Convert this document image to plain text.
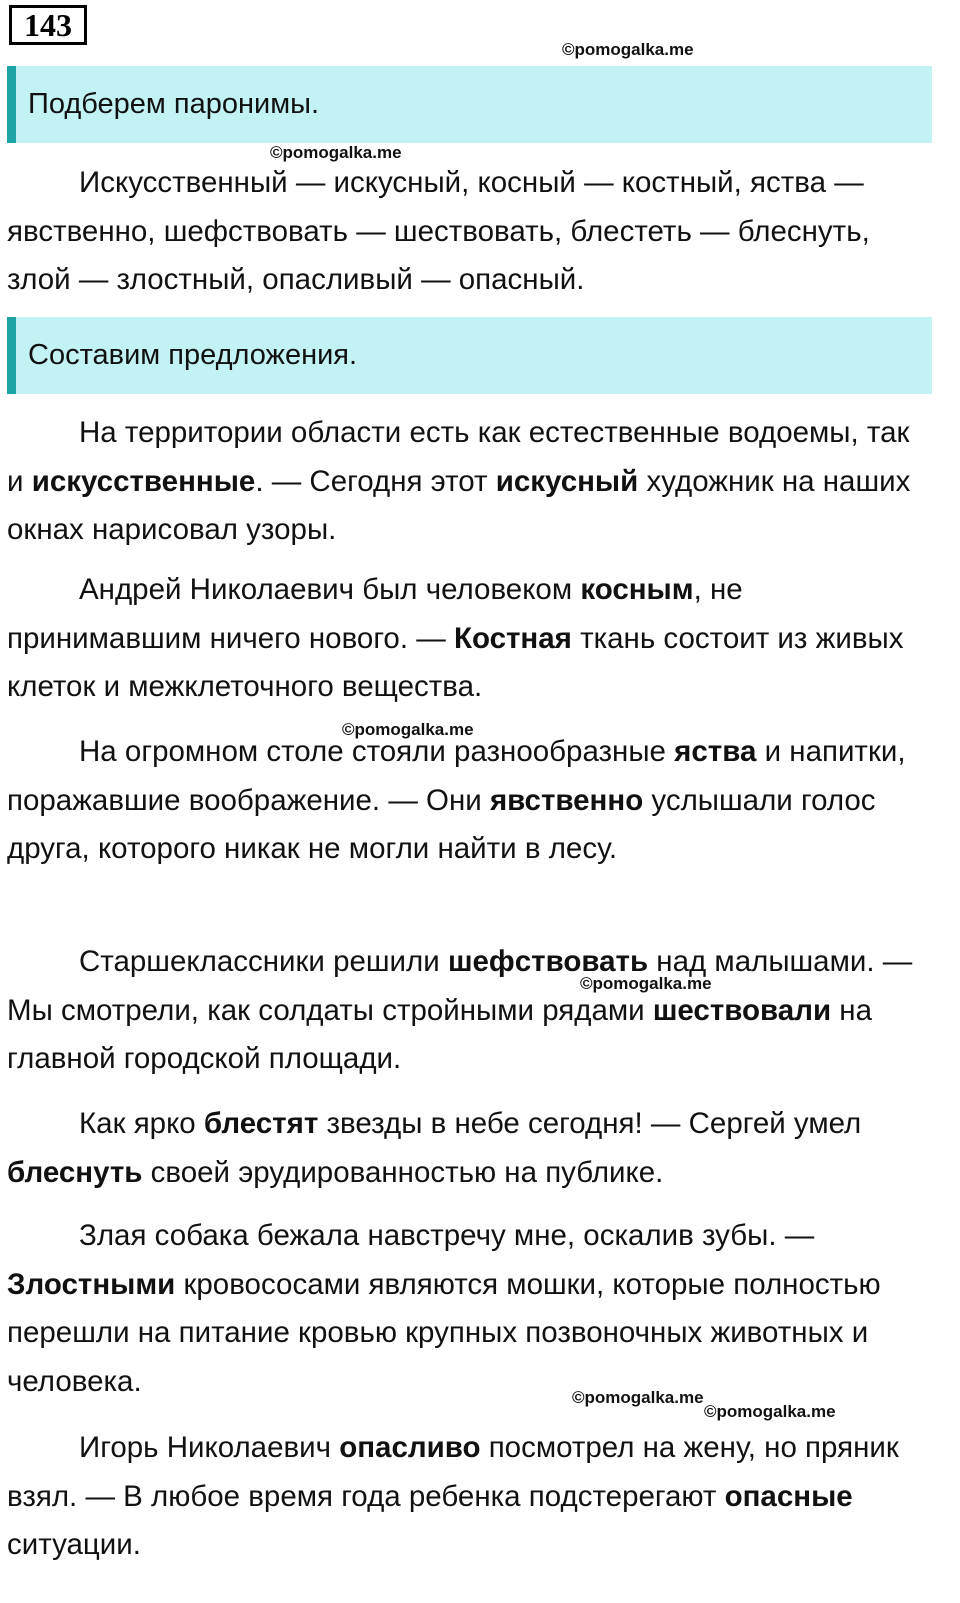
143
©pomogalka.me
©pomogalka.me
©pomogalka.me
©pomogalka.me
©pomogalka.me
©pomogalka.me
Подберем паронимы.

Искусственный — искусный, косный — костный, яства — явственно, шефствовать — шествовать, блестеть — блеснуть, злой — злостный, опасливый — опасный.

Составим предложения.

На территории области есть как естественные водоемы, так и искусственные. — Сегодня этот искусный художник на наших окнах нарисовал узоры.

Андрей Николаевич был человеком косным, не принимавшим ничего нового. — Костная ткань состоит из живых клеток и межклеточного вещества.

На огромном столе стояли разнообразные яства и напитки, поражавшие воображение. — Они явственно услышали голос друга, которого никак не могли найти в лесу.

Старшеклассники решили шефствовать над малышами. — Мы смотрели, как солдаты стройными рядами шествовали на главной городской площади.

Как ярко блестят звезды в небе сегодня! — Сергей умел блеснуть своей эрудированностью на публике.

Злая собака бежала навстречу мне, оскалив зубы. — Злостными кровососами являются мошки, которые полностью перешли на питание кровью крупных позвоночных животных и человека.

Игорь Николаевич опасливо посмотрел на жену, но пряник взял. — В любое время года ребенка подстерегают опасные ситуации.
